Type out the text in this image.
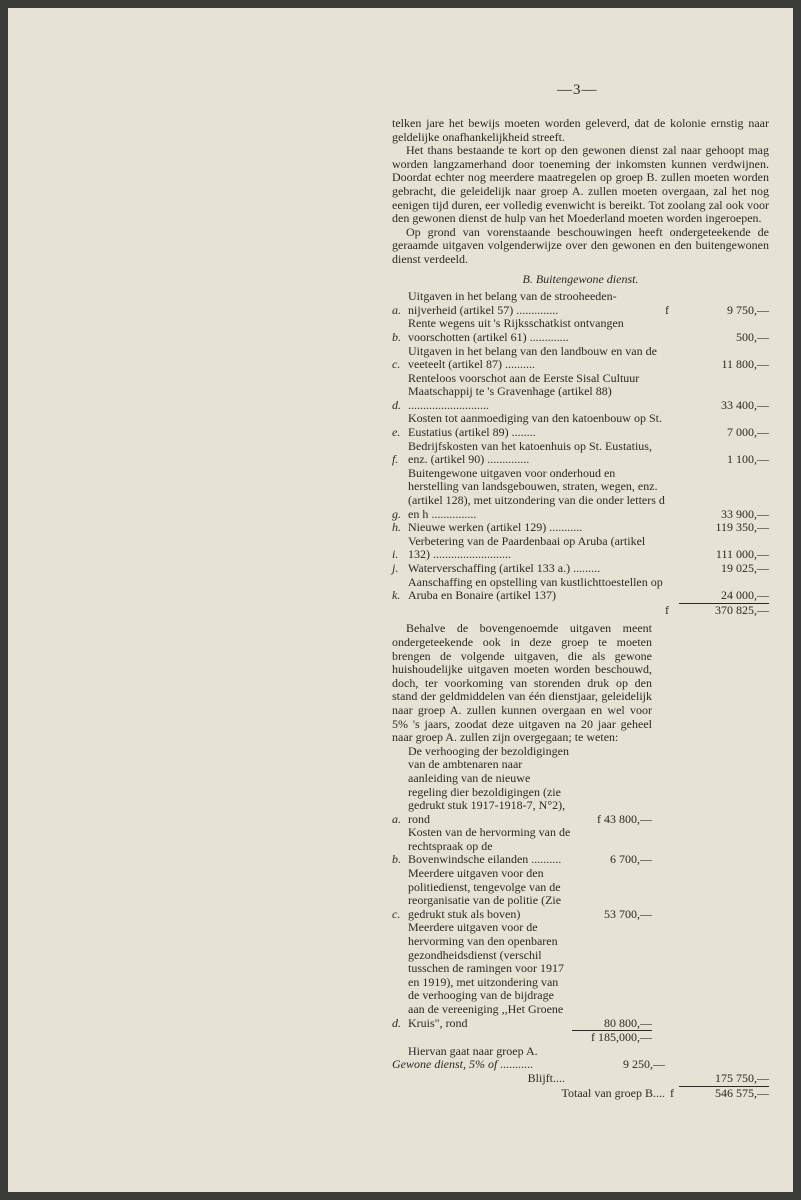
—3—

telken jare het bewijs moeten worden geleverd, dat de kolonie ernstig naar geldelijke onafhankelijkheid streeft.

Het thans bestaande te kort op den gewonen dienst zal naar gehoopt mag worden langzamerhand door toeneming der inkomsten kunnen verdwijnen. Doordat echter nog meerdere maatregelen op groep B. zullen moeten worden gebracht, die geleidelijk naar groep A. zullen moeten overgaan, zal het nog eenigen tijd duren, eer volledig evenwicht is bereikt. Tot zoolang zal ook voor den gewonen dienst de hulp van het Moederland moeten worden ingeroepen.

Op grond van vorenstaande beschouwingen heeft ondergeteekende de geraamde uitgaven volgenderwijze over den gewonen en den buitengewonen dienst verdeeld.

B. Buitengewone dienst.

a.
Uitgaven in het belang van de strooheeden-nijverheid (artikel 57) ..............	f	9 750,—
b.
Rente wegens uit 's Rijksschatkist ontvangen voorschotten (artikel 61) .............	500,—
c.
Uitgaven in het belang van den landbouw en van de veeteelt (artikel 87) ..........	11 800,—
d.
Renteloos voorschot aan de Eerste Sisal Cultuur Maatschappij te 's Gravenhage (artikel 88) ...........................	33 400,—
e.
Kosten tot aanmoediging van den katoenbouw op St. Eustatius (artikel 89) ........	7 000,—
f.
Bedrijfskosten van het katoenhuis op St. Eustatius, enz. (artikel 90) ..............	1 100,—
g.
Buitengewone uitgaven voor onderhoud en herstelling van landsgebouwen, straten, wegen, enz. (artikel 128), met uitzondering van die onder letters d en h ...............	33 900,—
h. Nieuwe werken (artikel 129) ...........	119 350,—
i.
Verbetering van de Paardenbaai op Aruba (artikel 132) ..........................	111 000,—
j. Waterverschaffing (artikel 133 a.) .........	19 025,—
k.
Aanschaffing en opstelling van kustlichttoestellen op Aruba en Bonaire (artikel 137)	24 000,—
f	370 825,—

Behalve de bovengenoemde uitgaven meent ondergeteekende ook in deze groep te moeten brengen de volgende uitgaven, die als gewone huishoudelijke uitgaven moeten worden beschouwd, doch, ter voorkoming van storenden druk op den stand der geldmiddelen van één dienstjaar, geleidelijk naar groep A. zullen kunnen overgaan en wel voor 5% 's jaars, zoodat deze uitgaven na 20 jaar geheel naar groep A. zullen zijn overgegaan; te weten:

a.
De verhooging der bezoldigingen van de ambtenaren naar aanleiding van de nieuwe regeling dier bezoldigingen (zie gedrukt stuk 1917-1918-7, N°2), rond	f 43 800,—
b.
Kosten van de hervorming van de rechtspraak op de Bovenwindsche eilanden ..........	6 700,—
c.
Meerdere uitgaven voor den politiedienst, tengevolge van de reorganisatie van de politie (Zie gedrukt stuk als boven)	53 700,—
d.
Meerdere uitgaven voor de hervorming van den openbaren gezondheidsdienst (verschil tusschen de ramingen voor 1917 en 1919), met uitzondering van de verhooging van de bijdrage aan de vereeniging ,,Het Groene Kruis", rond	80 800,—
f 185,000,—
Hiervan gaat naar groep A.
Gewone dienst, 5% of ...........	9 250,—
Blijft....	175 750,—
Totaal van groep B.... f	546 575,—
